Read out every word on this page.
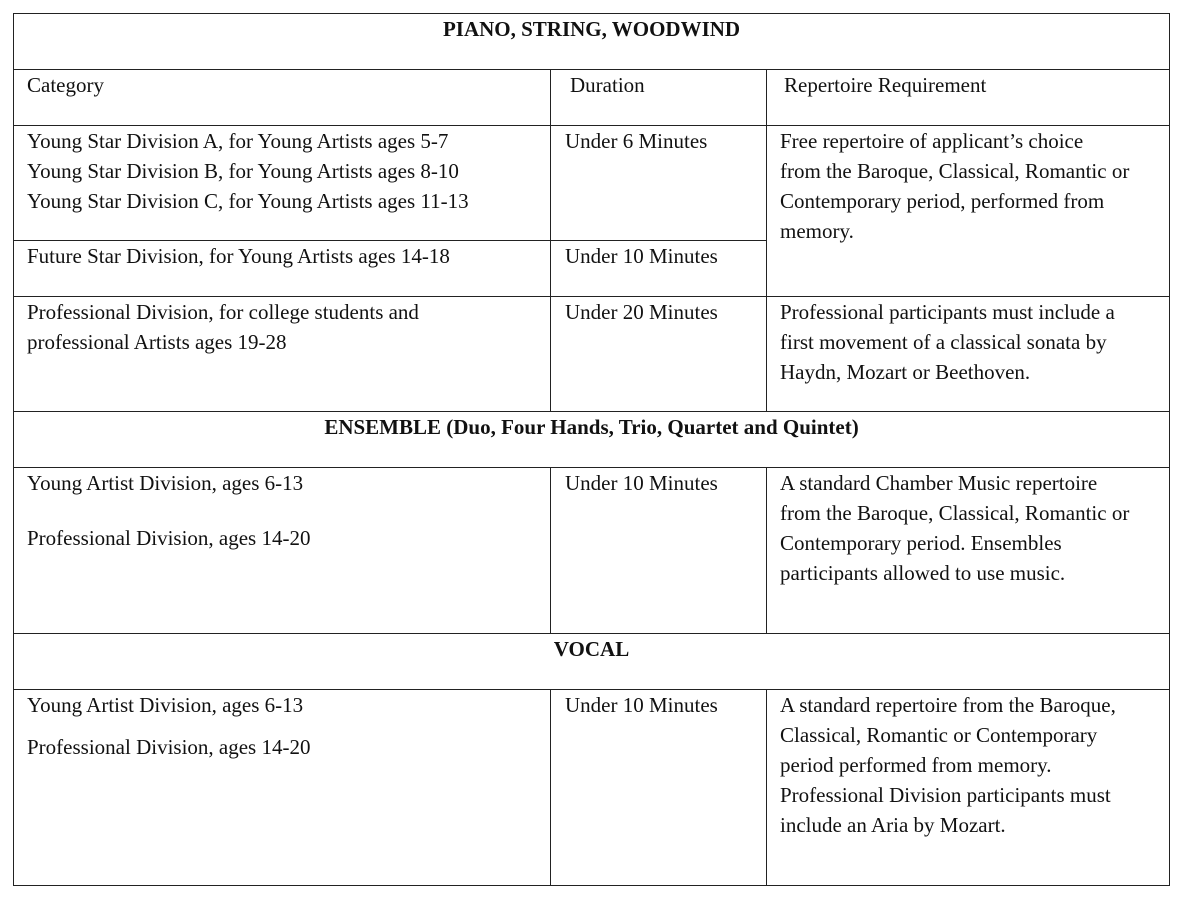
PIANO, STRING, WOODWIND		

Category	Duration	Repertoire Requirement

Young Star Division A, for Young Artists ages 5-7
Young Star Division B, for Young Artists ages 8-10
Young Star Division C, for Young Artists ages 11-13	Under 6 Minutes	Free repertoire of applicant’s choice
from the Baroque, Classical, Romantic or
Contemporary period, performed from
memory.

Future Star Division, for Young Artists ages 14-18	Under 10 Minutes	

Professional Division, for college students and
professional Artists ages 19-28	Under 20 Minutes	Professional participants must include a
first movement of a classical sonata by
Haydn, Mozart or Beethoven.

ENSEMBLE (Duo, Four Hands, Trio, Quartet and Quintet)		

Young Artist Division, ages 6-13
Professional Division, ages 14-20	Under 10 Minutes	A standard Chamber Music repertoire
from the Baroque, Classical, Romantic or
Contemporary period. Ensembles
participants allowed to use music.

VOCAL		

Young Artist Division, ages 6-13
Professional Division, ages 14-20	Under 10 Minutes	A standard repertoire from the Baroque,
Classical, Romantic or Contemporary
period performed from memory.
Professional Division participants must
include an Aria by Mozart.
